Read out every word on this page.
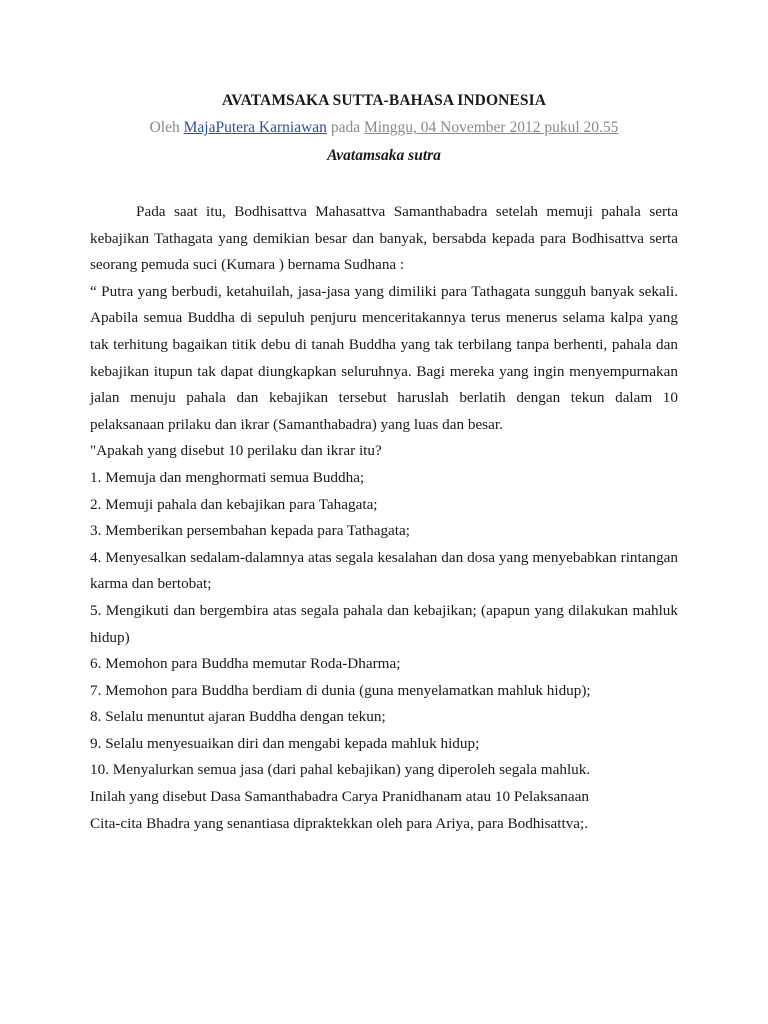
AVATAMSAKA SUTTA-BAHASA INDONESIA
Oleh MajaPutera Karniawan pada Minggu, 04 November 2012 pukul 20.55
Avatamsaka sutra

Pada saat itu, Bodhisattva Mahasattva Samanthabadra setelah memuji pahala serta kebajikan Tathagata yang demikian besar dan banyak, bersabda kepada para Bodhisattva serta seorang pemuda suci (Kumara ) bernama Sudhana :

“ Putra yang berbudi, ketahuilah, jasa-jasa yang dimiliki para Tathagata sungguh banyak sekali. Apabila semua Buddha di sepuluh penjuru menceritakannya terus menerus selama kalpa yang tak terhitung bagaikan titik debu di tanah Buddha yang tak terbilang tanpa berhenti, pahala dan kebajikan itupun tak dapat diungkapkan seluruhnya. Bagi mereka yang ingin menyempurnakan jalan menuju pahala dan kebajikan tersebut haruslah berlatih dengan tekun dalam 10 pelaksanaan prilaku dan ikrar (Samanthabadra) yang luas dan besar.

"Apakah yang disebut 10 perilaku dan ikrar itu?

1. Memuja dan menghormati semua Buddha;

2. Memuji pahala dan kebajikan para Tahagata;

3. Memberikan persembahan kepada para Tathagata;

4. Menyesalkan sedalam-dalamnya atas segala kesalahan dan dosa yang menyebabkan rintangan karma dan bertobat;

5. Mengikuti dan bergembira atas segala pahala dan kebajikan; (apapun yang dilakukan mahluk hidup)

6. Memohon para Buddha memutar Roda-Dharma;

7. Memohon para Buddha berdiam di dunia (guna menyelamatkan mahluk hidup);

8. Selalu menuntut ajaran Buddha dengan tekun;

9. Selalu menyesuaikan diri dan mengabi kepada mahluk hidup;

10. Menyalurkan semua jasa (dari pahal kebajikan) yang diperoleh segala mahluk.

Inilah yang disebut Dasa Samanthabadra Carya Pranidhanam atau 10 Pelaksanaan

Cita-cita Bhadra yang senantiasa dipraktekkan oleh para Ariya, para Bodhisattva;.
